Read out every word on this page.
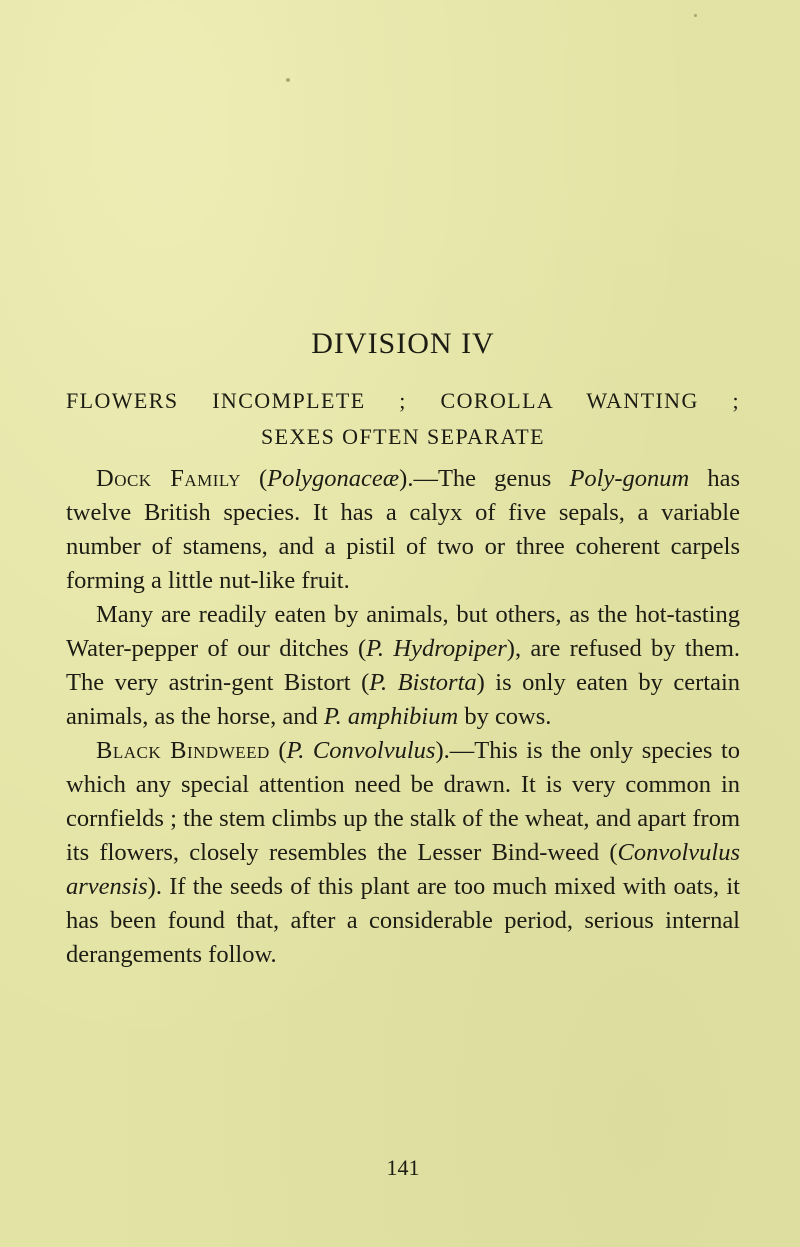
DIVISION IV
FLOWERS INCOMPLETE ; COROLLA WANTING ;
SEXES OFTEN SEPARATE

Dock Family (Polygonaceæ).—The genus Poly-gonum has twelve British species. It has a calyx of five sepals, a variable number of stamens, and a pistil of two or three coherent carpels forming a little nut-like fruit.

Many are readily eaten by animals, but others, as the hot-tasting Water-pepper of our ditches (P. Hydropiper), are refused by them. The very astrin-gent Bistort (P. Bistorta) is only eaten by certain animals, as the horse, and P. amphibium by cows.

Black Bindweed (P. Convolvulus).—This is the only species to which any special attention need be drawn. It is very common in cornfields ; the stem climbs up the stalk of the wheat, and apart from its flowers, closely resembles the Lesser Bind-weed (Convolvulus arvensis). If the seeds of this plant are too much mixed with oats, it has been found that, after a considerable period, serious internal derangements follow.

141
